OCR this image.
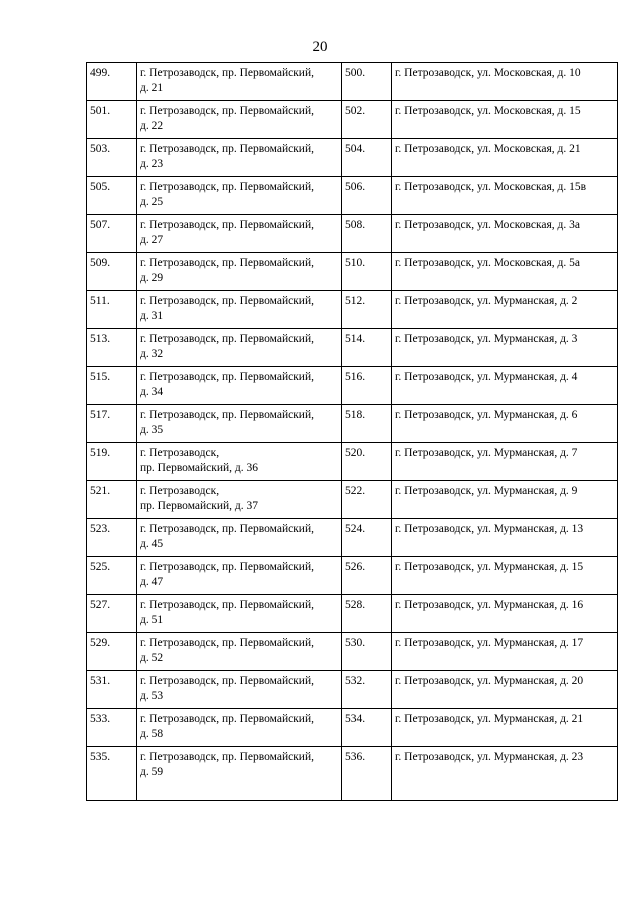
20
499.	г. Петрозаводск, пр. Первомайский,
д. 21	500.	г. Петрозаводск, ул. Московская, д. 10

501.	г. Петрозаводск, пр. Первомайский,
д. 22	502.	г. Петрозаводск, ул. Московская, д. 15

503.	г. Петрозаводск, пр. Первомайский,
д. 23	504.	г. Петрозаводск, ул. Московская, д. 21

505.	г. Петрозаводск, пр. Первомайский,
д. 25	506.	г. Петрозаводск, ул. Московская, д. 15в

507.	г. Петрозаводск, пр. Первомайский,
д. 27	508.	г. Петрозаводск, ул. Московская, д. 3а

509.	г. Петрозаводск, пр. Первомайский,
д. 29	510.	г. Петрозаводск, ул. Московская, д. 5а

511.	г. Петрозаводск, пр. Первомайский,
д. 31	512.	г. Петрозаводск, ул. Мурманская, д. 2

513.	г. Петрозаводск, пр. Первомайский,
д. 32	514.	г. Петрозаводск, ул. Мурманская, д. 3

515.	г. Петрозаводск, пр. Первомайский,
д. 34	516.	г. Петрозаводск, ул. Мурманская, д. 4

517.	г. Петрозаводск, пр. Первомайский,
д. 35	518.	г. Петрозаводск, ул. Мурманская, д. 6

519.	г. Петрозаводск,
пр. Первомайский, д. 36	520.	г. Петрозаводск, ул. Мурманская, д. 7

521.	г. Петрозаводск,
пр. Первомайский, д. 37	522.	г. Петрозаводск, ул. Мурманская, д. 9

523.	г. Петрозаводск, пр. Первомайский,
д. 45	524.	г. Петрозаводск, ул. Мурманская, д. 13

525.	г. Петрозаводск, пр. Первомайский,
д. 47	526.	г. Петрозаводск, ул. Мурманская, д. 15

527.	г. Петрозаводск, пр. Первомайский,
д. 51	528.	г. Петрозаводск, ул. Мурманская, д. 16

529.	г. Петрозаводск, пр. Первомайский,
д. 52	530.	г. Петрозаводск, ул. Мурманская, д. 17

531.	г. Петрозаводск, пр. Первомайский,
д. 53	532.	г. Петрозаводск, ул. Мурманская, д. 20

533.	г. Петрозаводск, пр. Первомайский,
д. 58	534.	г. Петрозаводск, ул. Мурманская, д. 21

535.	г. Петрозаводск, пр. Первомайский,
д. 59	536.	г. Петрозаводск, ул. Мурманская, д. 23
